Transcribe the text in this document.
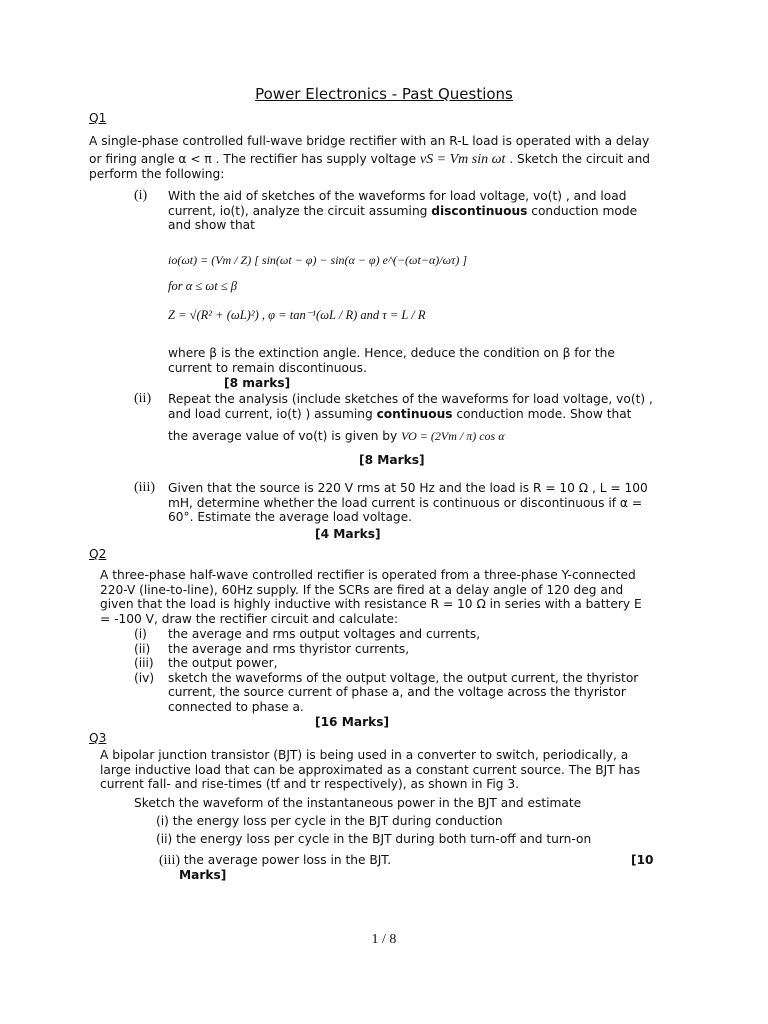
Power Electronics - Past Questions
Q1
A single-phase controlled full-wave bridge rectifier with an R-L load is operated with a delay
or firing angle α < π . The rectifier has supply voltage vS = Vm sin ωt . Sketch the circuit and
perform the following:
(i) With the aid of sketches of the waveforms for load voltage, vo(t) , and load
current, io(t), analyze the circuit assuming discontinuous conduction mode
and show that
io(ωt) = (Vm / Z) [ sin(ωt − φ) − sin(α − φ) e^(−(ωt−α)/ωτ) ]
for α ≤ ωt ≤ β
Z = √(R² + (ωL)²) , φ = tan⁻¹(ωL / R) and τ = L / R
where β is the extinction angle. Hence, deduce the condition on β for the
current to remain discontinuous.
[8 marks]
(ii) Repeat the analysis (include sketches of the waveforms for load voltage, vo(t) ,
and load current, io(t) ) assuming continuous conduction mode. Show that
the average value of vo(t) is given by VO = (2Vm / π) cos α
[8 Marks]
(iii) Given that the source is 220 V rms at 50 Hz and the load is R = 10 Ω , L = 100
mH, determine whether the load current is continuous or discontinuous if α =
60°. Estimate the average load voltage.
[4 Marks]
Q2
A three-phase half-wave controlled rectifier is operated from a three-phase Y-connected
220-V (line-to-line), 60Hz supply. If the SCRs are fired at a delay angle of 120 deg and
given that the load is highly inductive with resistance R = 10 Ω in series with a battery E
= -100 V, draw the rectifier circuit and calculate:
(i)	the average and rms output voltages and currents,
(ii)	the average and rms thyristor currents,
(iii)	the output power,
(iv)	sketch the waveforms of the output voltage, the output current, the thyristor
current, the source current of phase a, and the voltage across the thyristor
connected to phase a.
[16 Marks]
Q3
A bipolar junction transistor (BJT) is being used in a converter to switch, periodically, a
large inductive load that can be approximated as a constant current source. The BJT has
current fall- and rise-times (tf and tr respectively), as shown in Fig 3.
Sketch the waveform of the instantaneous power in the BJT and estimate
(i) the energy loss per cycle in the BJT during conduction
(ii) the energy loss per cycle in the BJT during both turn-off and turn-on
(iii) the average power loss in the BJT.	[10
Marks]
1 / 8
